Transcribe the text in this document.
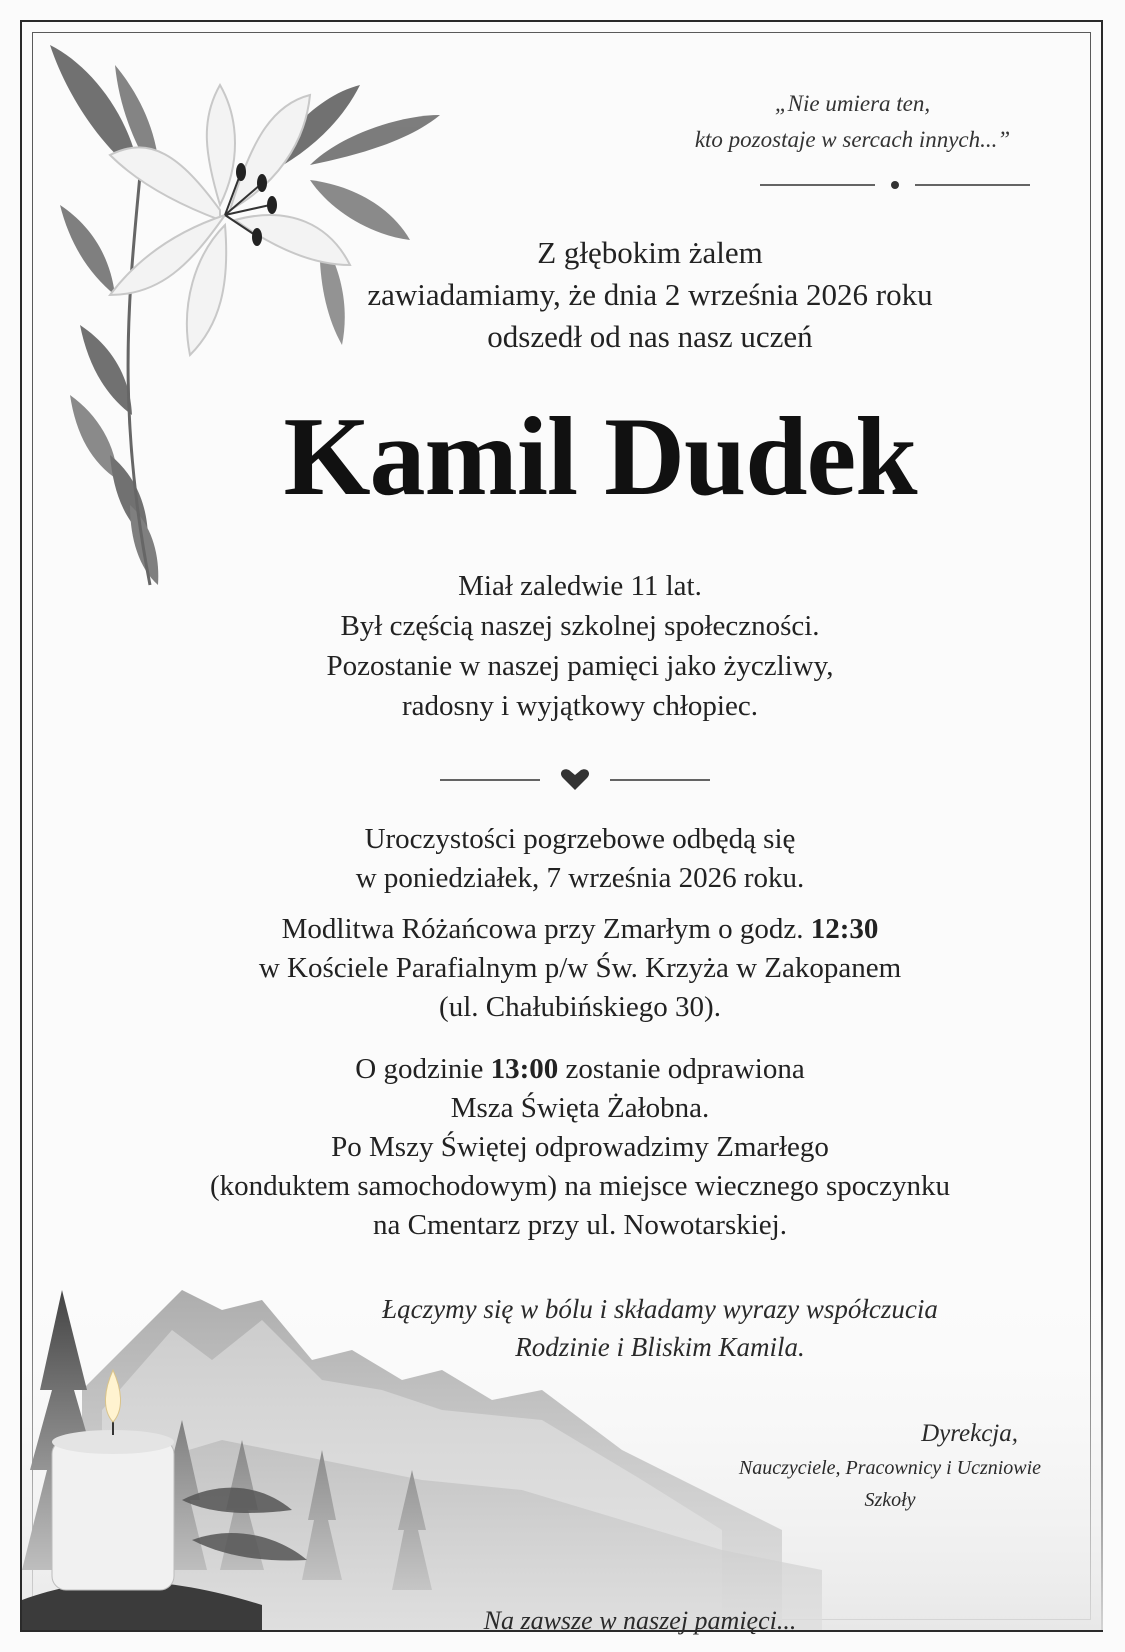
„Nie umiera ten,
kto pozostaje w sercach innych...”
Z głębokim żalem
zawiadamiamy, że dnia 2 września 2026 roku
odszedł od nas nasz uczeń
Kamil Dudek
Miał zaledwie 11 lat.
Był częścią naszej szkolnej społeczności.
Pozostanie w naszej pamięci jako życzliwy,
radosny i wyjątkowy chłopiec.
Uroczystości pogrzebowe odbędą się
w poniedziałek, 7 września 2026 roku.
Modlitwa Różańcowa przy Zmarłym o godz. 12:30
w Kościele Parafialnym p/w Św. Krzyża w Zakopanem
(ul. Chałubińskiego 30).
O godzinie 13:00 zostanie odprawiona
Msza Święta Żałobna.
Po Mszy Świętej odprowadzimy Zmarłego
(konduktem samochodowym) na miejsce wiecznego spoczynku
na Cmentarz przy ul. Nowotarskiej.
Łączymy się w bólu i składamy wyrazy współczucia
Rodzinie i Bliskim Kamila.
Dyrekcja,
Nauczyciele, Pracownicy i Uczniowie
Szkoły
Na zawsze w naszej pamięci...
